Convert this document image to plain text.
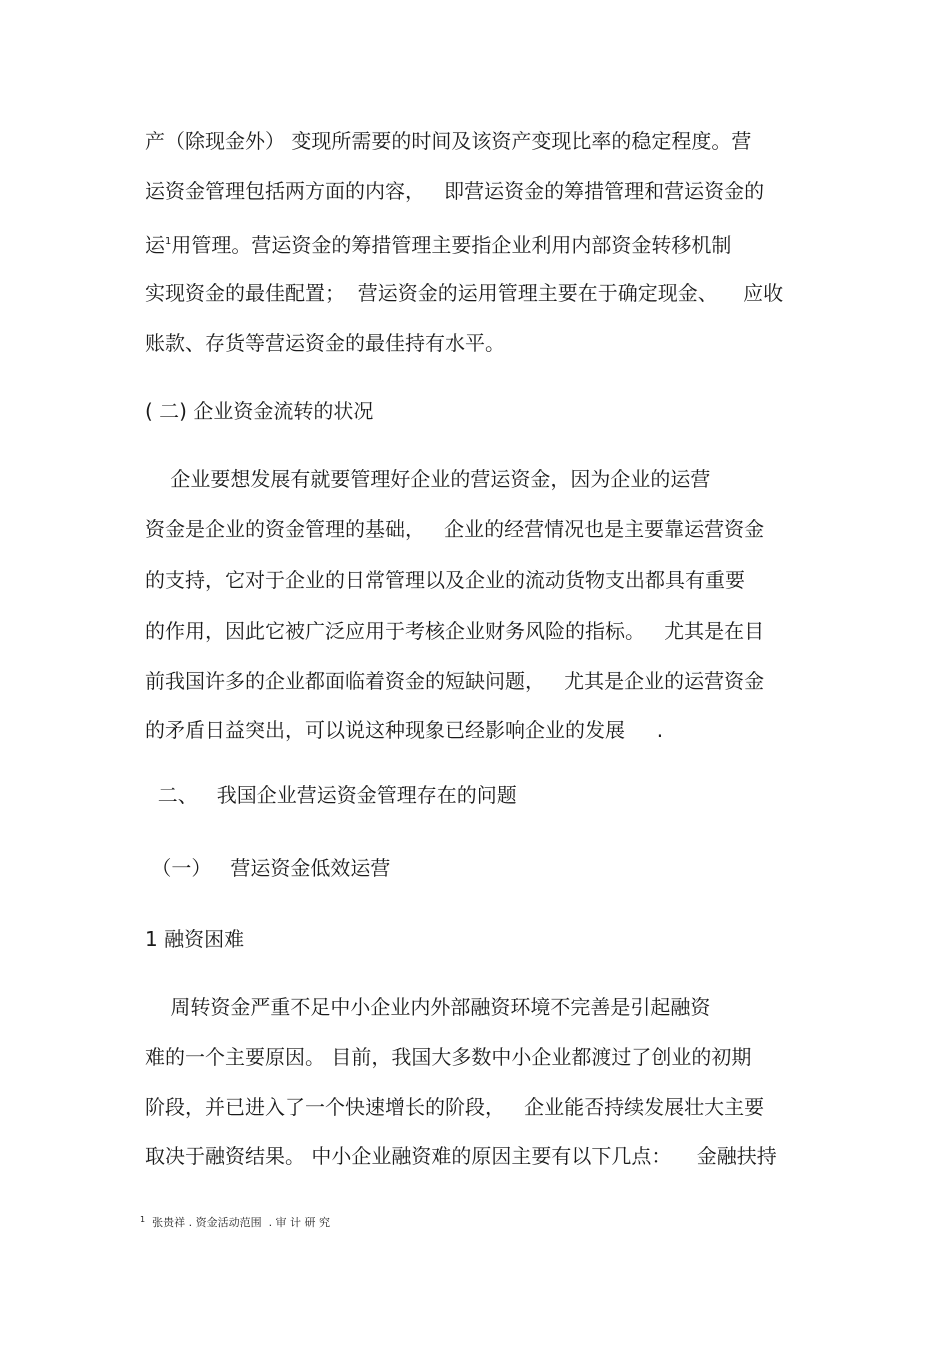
产（除现金外） 变现所需要的时间及该资产变现比率的稳定程度。营
运资金管理包括两方面的内容，   即营运资金的筹措管理和营运资金的
运$^1$用管理。营运资金的筹措管理主要指企业利用内部资金转移机制
实现资金的最佳配置；  营运资金的运用管理主要在于确定现金、    应收
账款、存货等营运资金的最佳持有水平。
( 二) 企业资金流转的状况
企业要想发展有就要管理好企业的营运资金，因为企业的运营
资金是企业的资金管理的基础，   企业的经营情况也是主要靠运营资金
的支持，它对于企业的日常管理以及企业的流动货物支出都具有重要
的作用，因此它被广泛应用于考核企业财务风险的指标。   尤其是在目
前我国许多的企业都面临着资金的短缺问题，   尤其是企业的运营资金
的矛盾日益突出，可以说这种现象已经影响企业的发展     .
二、   我国企业营运资金管理存在的问题
（一）   营运资金低效运营
1 融资困难
周转资金严重不足中小企业内外部融资环境不完善是引起融资
难的一个主要原因。 目前，我国大多数中小企业都渡过了创业的初期
阶段，并已进入了一个快速增长的阶段，   企业能否持续发展壮大主要
取决于融资结果。 中小企业融资难的原因主要有以下几点：    金融扶持
$^1$  张贵祥 . 资金活动范围  . 审 计 研 究
